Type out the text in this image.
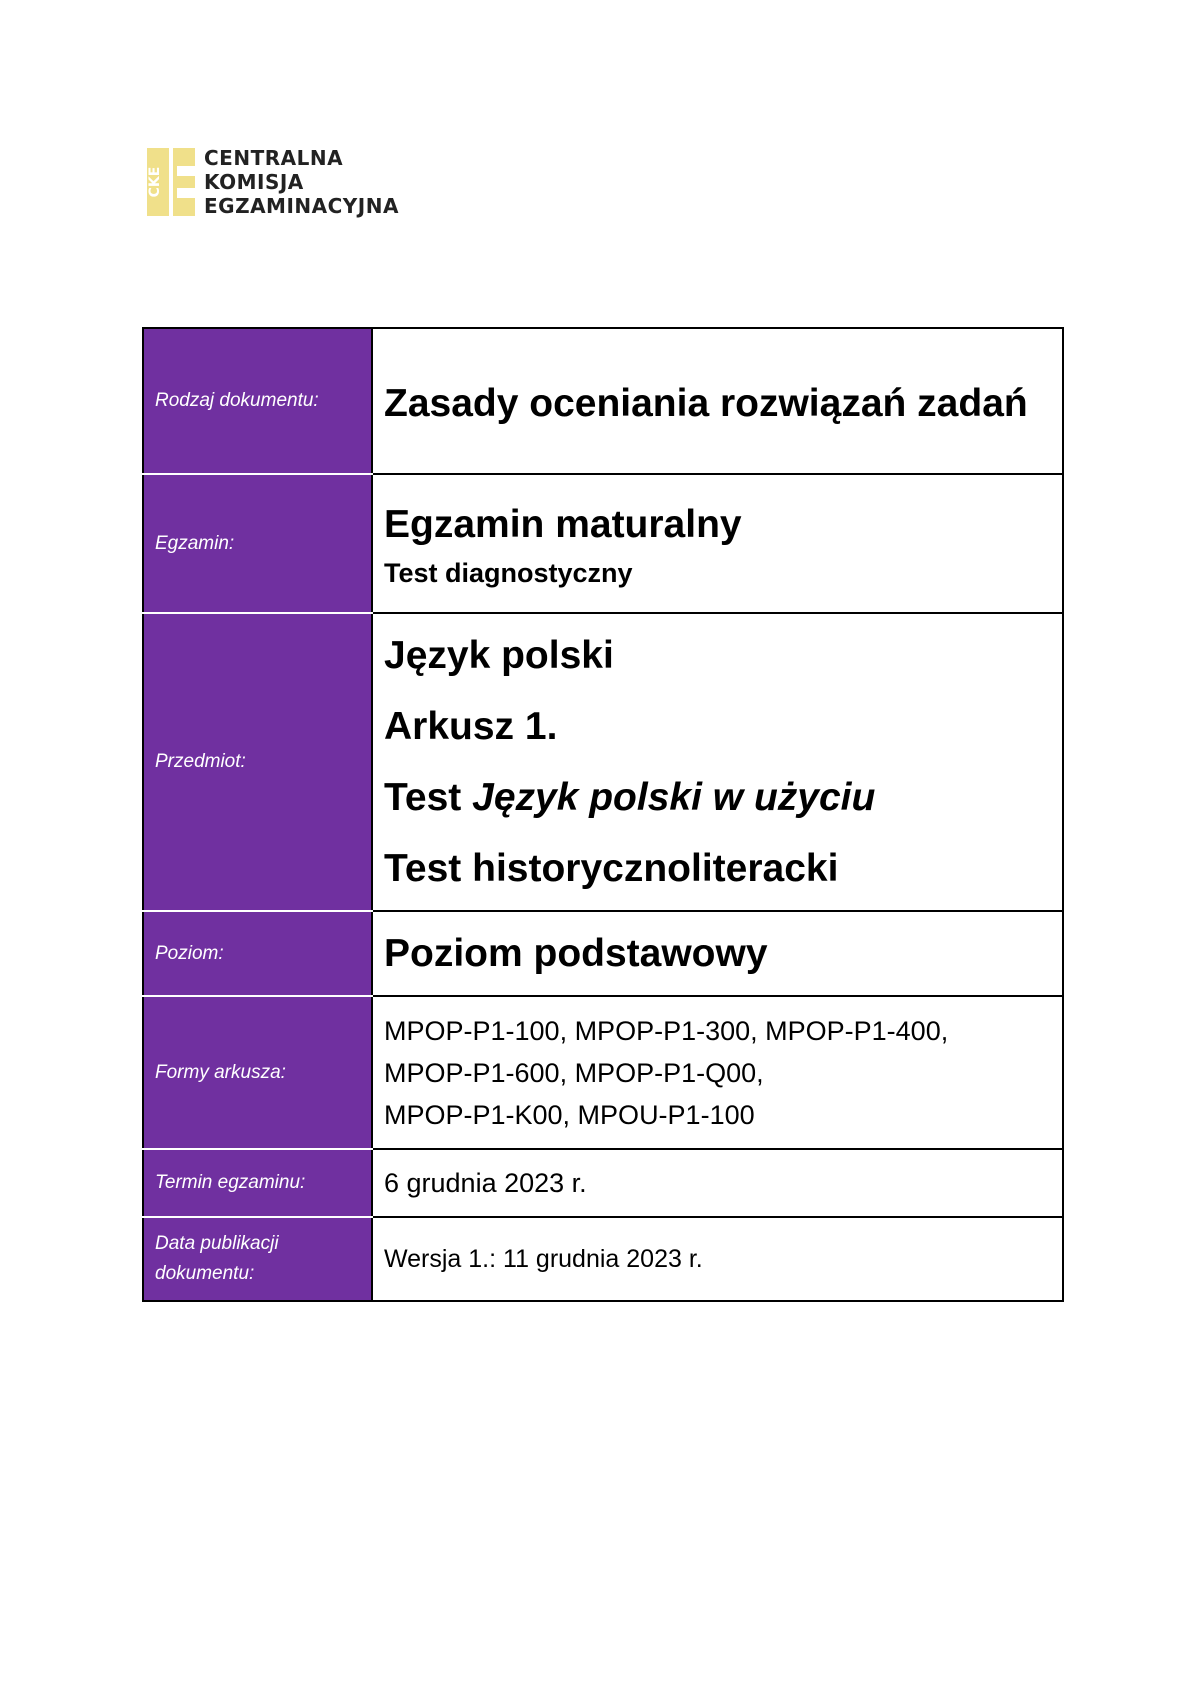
CKE
CENTRALNA
KOMISJA
EGZAMINACYJNA
Rodzaj dokumentu:	Zasady oceniania rozwiązań zadań

Egzamin:	Egzamin maturalny
Test diagnostyczny

Przedmiot:	Język polski
Arkusz 1.
Test Język polski w użyciu
Test historycznoliteracki

Poziom:	Poziom podstawowy

Formy arkusza:	MPOP-P1-100, MPOP-P1-300, MPOP-P1-400,
MPOP-P1-600, MPOP-P1-Q00,
MPOP-P1-K00, MPOU-P1-100

Termin egzaminu:	6 grudnia 2023 r.

Data publikacji
dokumentu:	Wersja 1.: 11 grudnia 2023 r.
